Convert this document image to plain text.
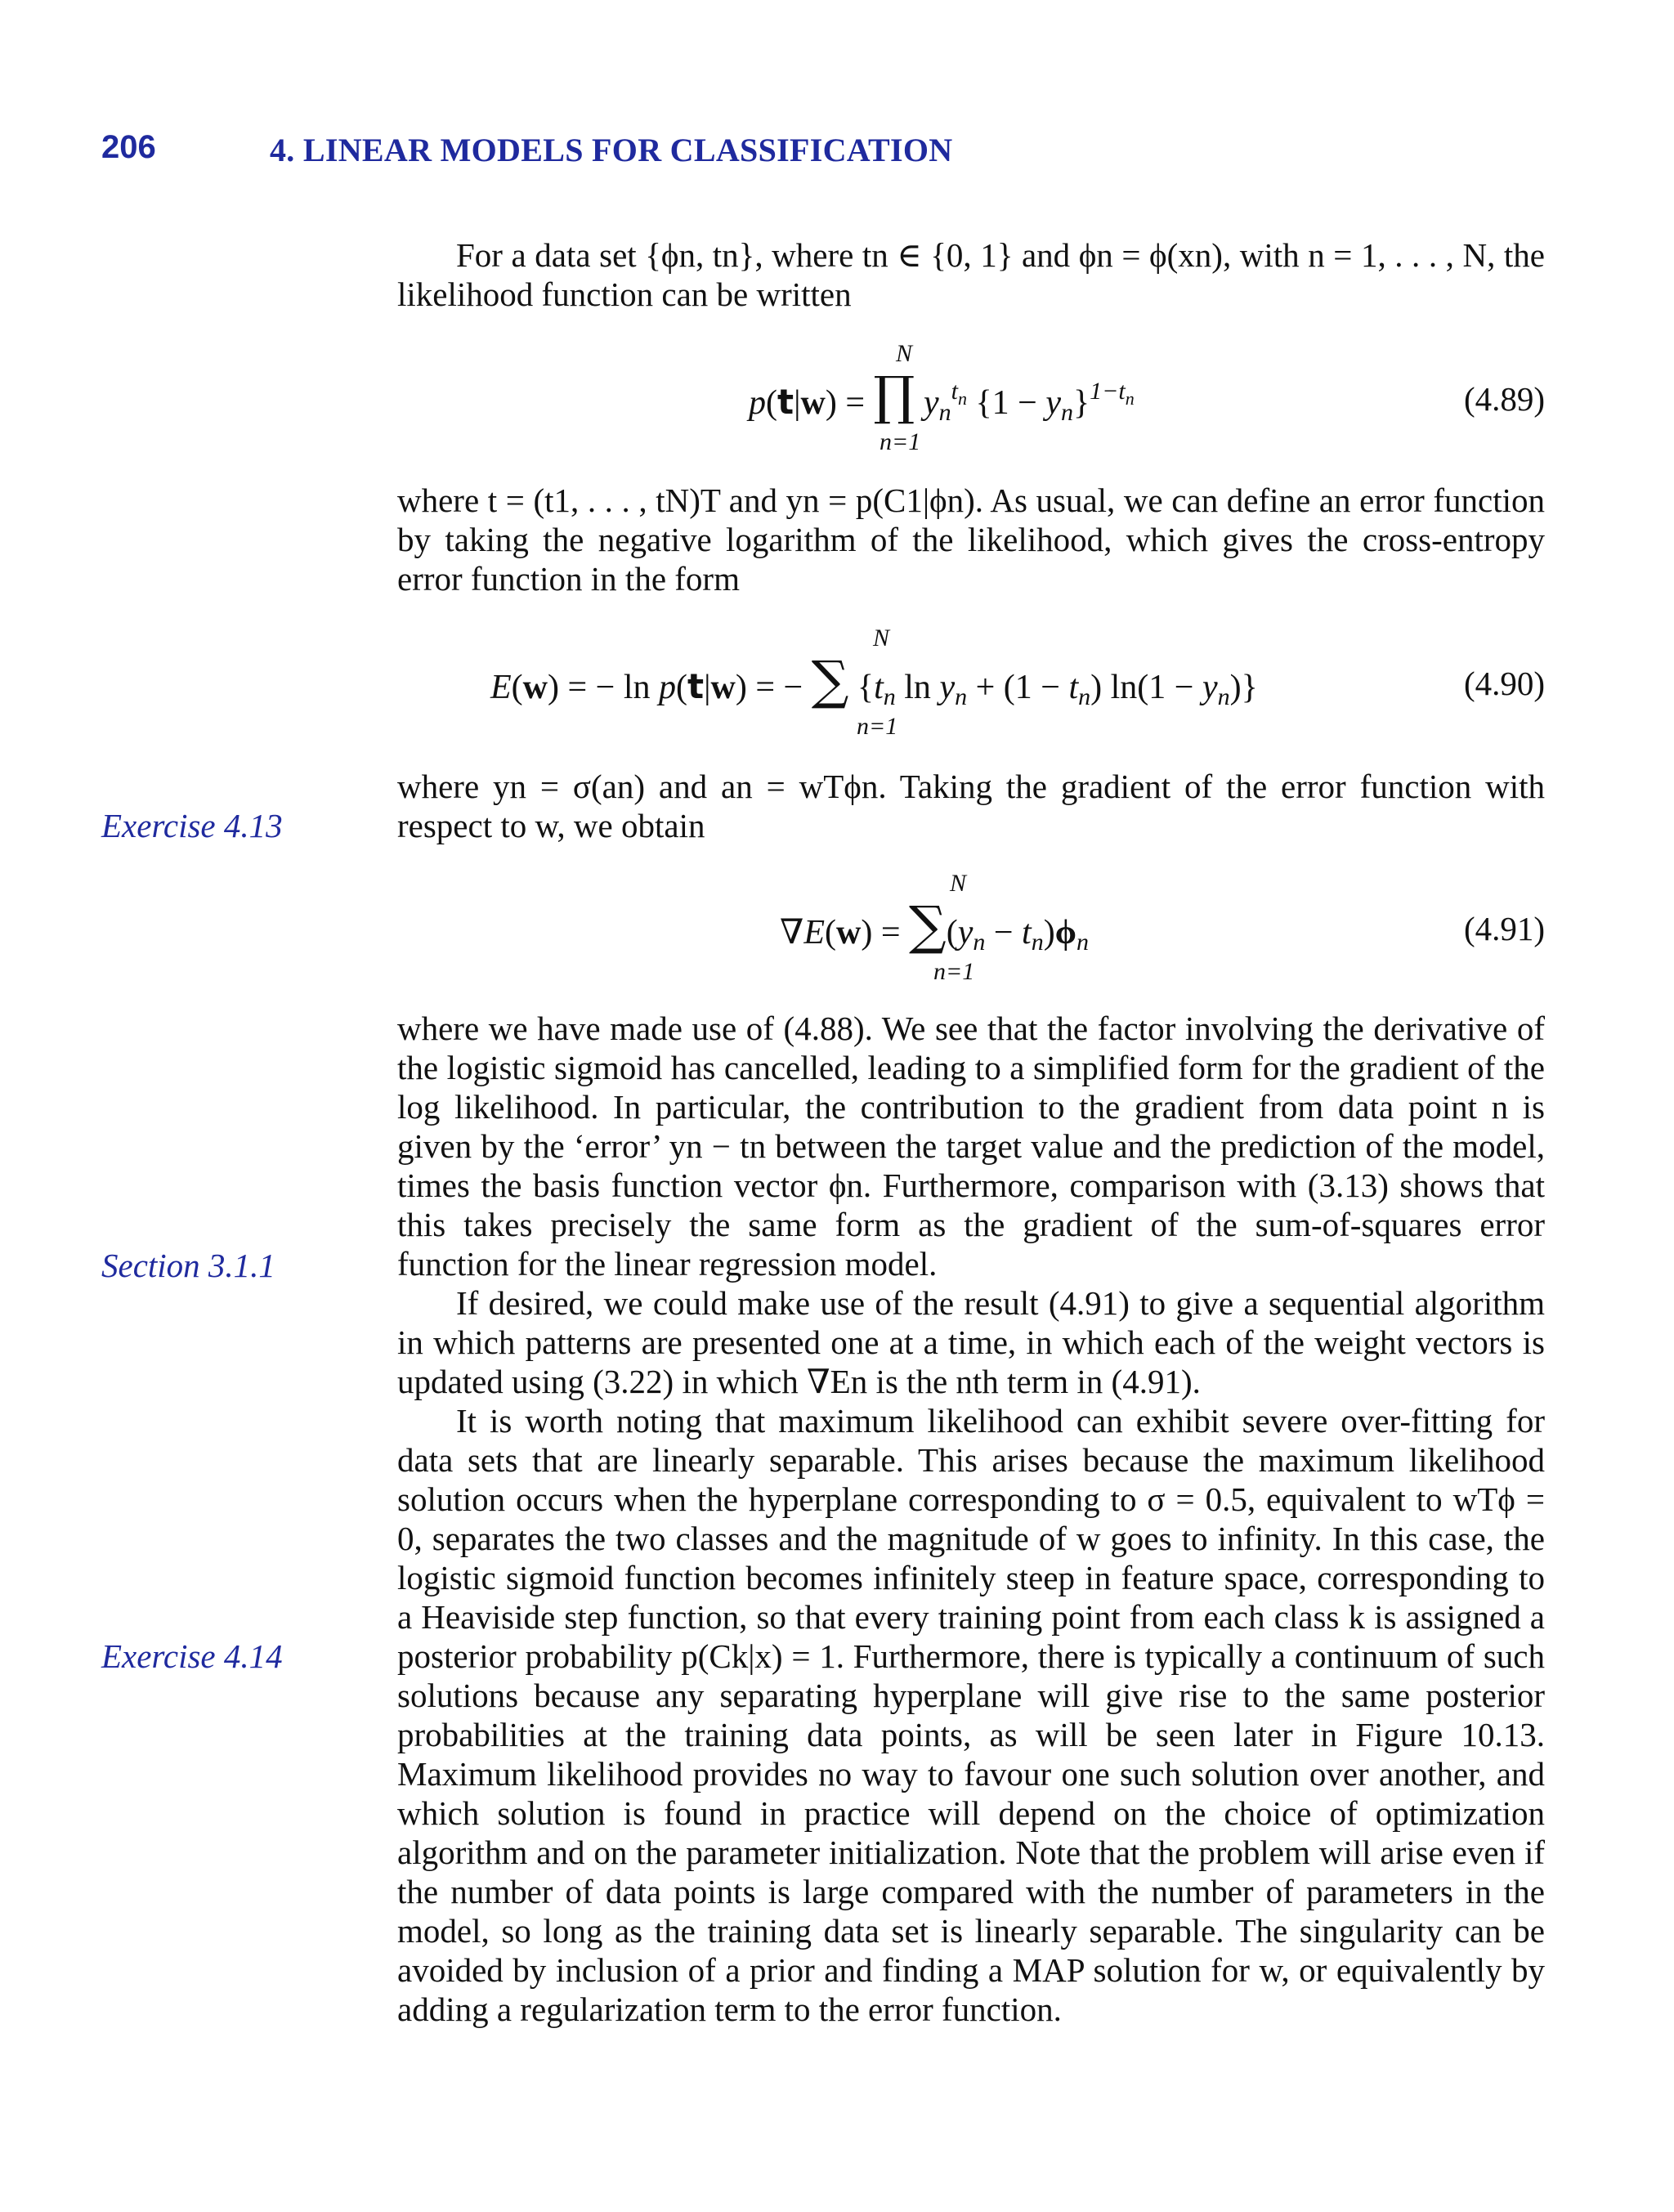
206	4. LINEAR MODELS FOR CLASSIFICATION
Exercise 4.13
Section 3.1.1
Exercise 4.14

For a data set {ϕn, tn}, where tn ∈ {0, 1} and ϕn = ϕ(xn), with n = 1, . . . , N, the likelihood function can be written

p(t|w) = ∏ $yn^{t_n}$ {1 − yn}$^{1-t_n}$
N
n=1
(4.89)

where t = (t1, . . . , tN)T and yn = p(C1|ϕn). As usual, we can define an error function by taking the negative logarithm of the likelihood, which gives the cross-entropy error function in the form

E(w) = − ln p(t|w) = − ∑ {tn ln yn + (1 − tn) ln(1 − yn)}
N
n=1
(4.90)

where yn = σ(an) and an = wTϕn. Taking the gradient of the error function with respect to w, we obtain

∇E(w) = ∑(yn − tn)ϕn
N
n=1
(4.91)

where we have made use of (4.88). We see that the factor involving the derivative of the logistic sigmoid has cancelled, leading to a simplified form for the gradient of the log likelihood. In particular, the contribution to the gradient from data point n is given by the ‘error’ yn − tn between the target value and the prediction of the model, times the basis function vector ϕn. Furthermore, comparison with (3.13) shows that this takes precisely the same form as the gradient of the sum-of-squares error function for the linear regression model.

If desired, we could make use of the result (4.91) to give a sequential algorithm in which patterns are presented one at a time, in which each of the weight vectors is updated using (3.22) in which ∇En is the nth term in (4.91).

It is worth noting that maximum likelihood can exhibit severe over-fitting for data sets that are linearly separable. This arises because the maximum likelihood solution occurs when the hyperplane corresponding to σ = 0.5, equivalent to wTϕ = 0, separates the two classes and the magnitude of w goes to infinity. In this case, the logistic sigmoid function becomes infinitely steep in feature space, corresponding to a Heaviside step function, so that every training point from each class k is assigned a posterior probability p(Ck|x) = 1. Furthermore, there is typically a continuum of such solutions because any separating hyperplane will give rise to the same posterior probabilities at the training data points, as will be seen later in Figure 10.13. Maximum likelihood provides no way to favour one such solution over another, and which solution is found in practice will depend on the choice of optimization algorithm and on the parameter initialization. Note that the problem will arise even if the number of data points is large compared with the number of parameters in the model, so long as the training data set is linearly separable. The singularity can be avoided by inclusion of a prior and finding a MAP solution for w, or equivalently by adding a regularization term to the error function.
